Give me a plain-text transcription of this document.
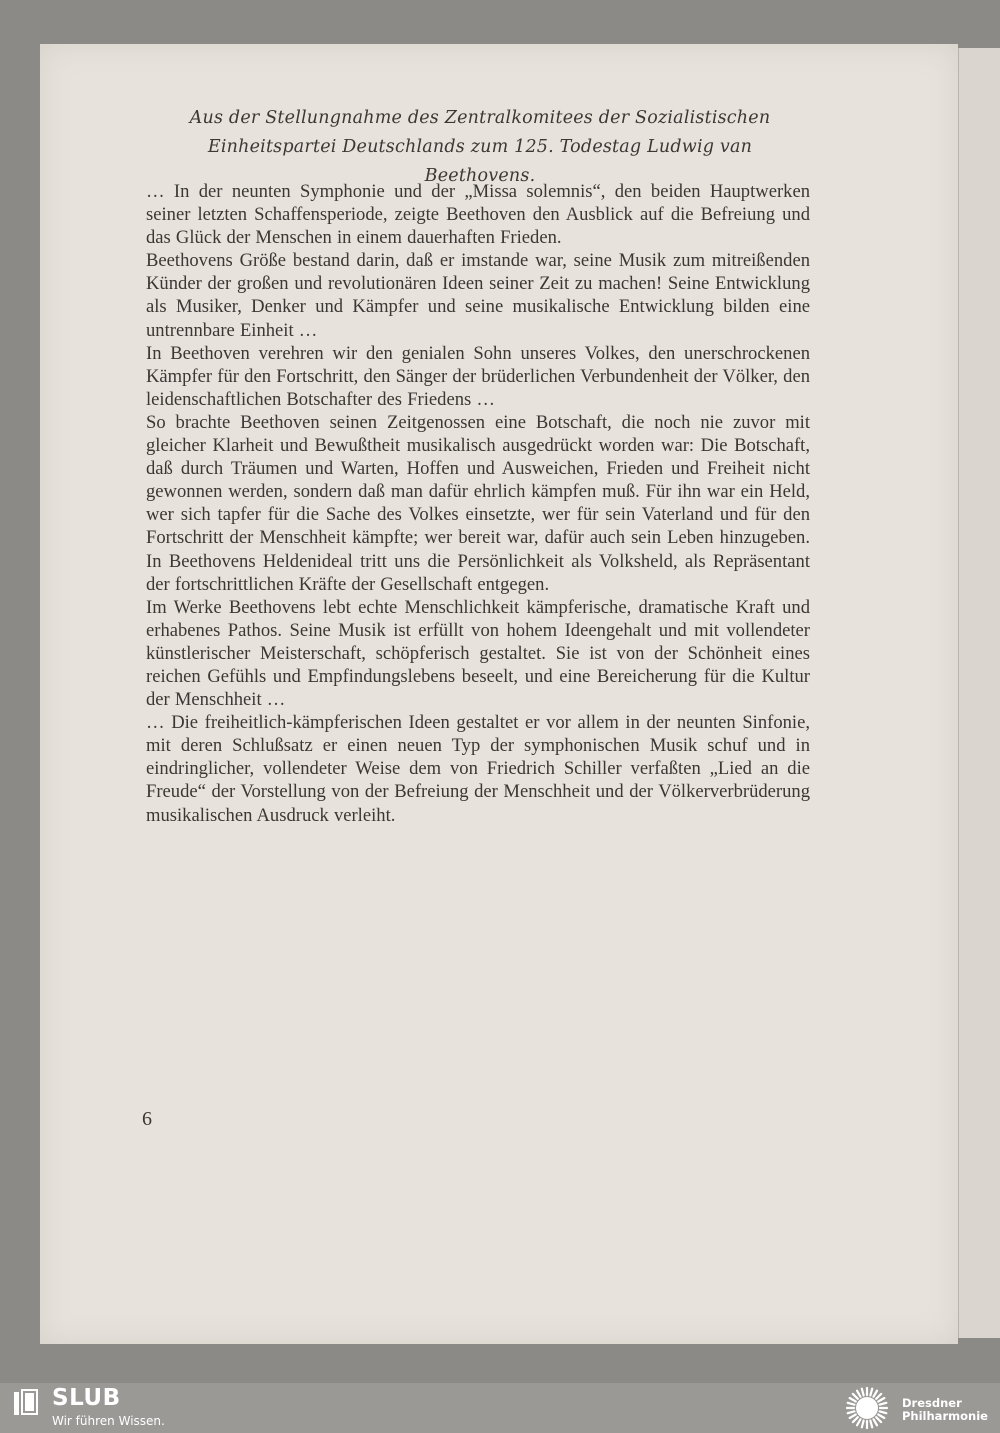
Aus der Stellungnahme des Zentralkomitees der Sozialistischen Einheitspartei Deutschlands zum 125. Todestag Ludwig van Beethovens.

… In der neunten Symphonie und der „Missa solemnis“, den beiden Hauptwerken seiner letzten Schaffensperiode, zeigte Beethoven den Ausblick auf die Befreiung und das Glück der Menschen in einem dauerhaften Frieden.

Beethovens Größe bestand darin, daß er imstande war, seine Musik zum mitreißenden Künder der großen und revolutionären Ideen seiner Zeit zu machen! Seine Entwicklung als Musiker, Denker und Kämpfer und seine musikalische Entwicklung bilden eine untrennbare Einheit …

In Beethoven verehren wir den genialen Sohn unseres Volkes, den unerschrockenen Kämpfer für den Fortschritt, den Sänger der brüderlichen Verbundenheit der Völker, den leidenschaftlichen Botschafter des Friedens …

So brachte Beethoven seinen Zeitgenossen eine Botschaft, die noch nie zuvor mit gleicher Klarheit und Bewußtheit musikalisch ausgedrückt worden war: Die Botschaft, daß durch Träumen und Warten, Hoffen und Ausweichen, Frieden und Freiheit nicht gewonnen werden, sondern daß man dafür ehrlich kämpfen muß. Für ihn war ein Held, wer sich tapfer für die Sache des Volkes einsetzte, wer für sein Vaterland und für den Fortschritt der Menschheit kämpfte; wer bereit war, dafür auch sein Leben hinzugeben. In Beethovens Heldenideal tritt uns die Persönlichkeit als Volksheld, als Repräsentant der fortschrittlichen Kräfte der Gesellschaft entgegen.

Im Werke Beethovens lebt echte Menschlichkeit kämpferische, dramatische Kraft und erhabenes Pathos. Seine Musik ist erfüllt von hohem Ideengehalt und mit vollendeter künstlerischer Meisterschaft, schöpferisch gestaltet. Sie ist von der Schönheit eines reichen Gefühls und Empfindungslebens beseelt, und eine Bereicherung für die Kultur der Menschheit …

… Die freiheitlich-kämpferischen Ideen gestaltet er vor allem in der neunten Sinfonie, mit deren Schlußsatz er einen neuen Typ der symphonischen Musik schuf und in eindringlicher, vollendeter Weise dem von Friedrich Schiller verfaßten „Lied an die Freude“ der Vorstellung von der Befreiung der Menschheit und der Völkerverbrüderung musikalischen Ausdruck verleiht.

6
SLUB
Wir führen Wissen.
Dresdner
Philharmonie
